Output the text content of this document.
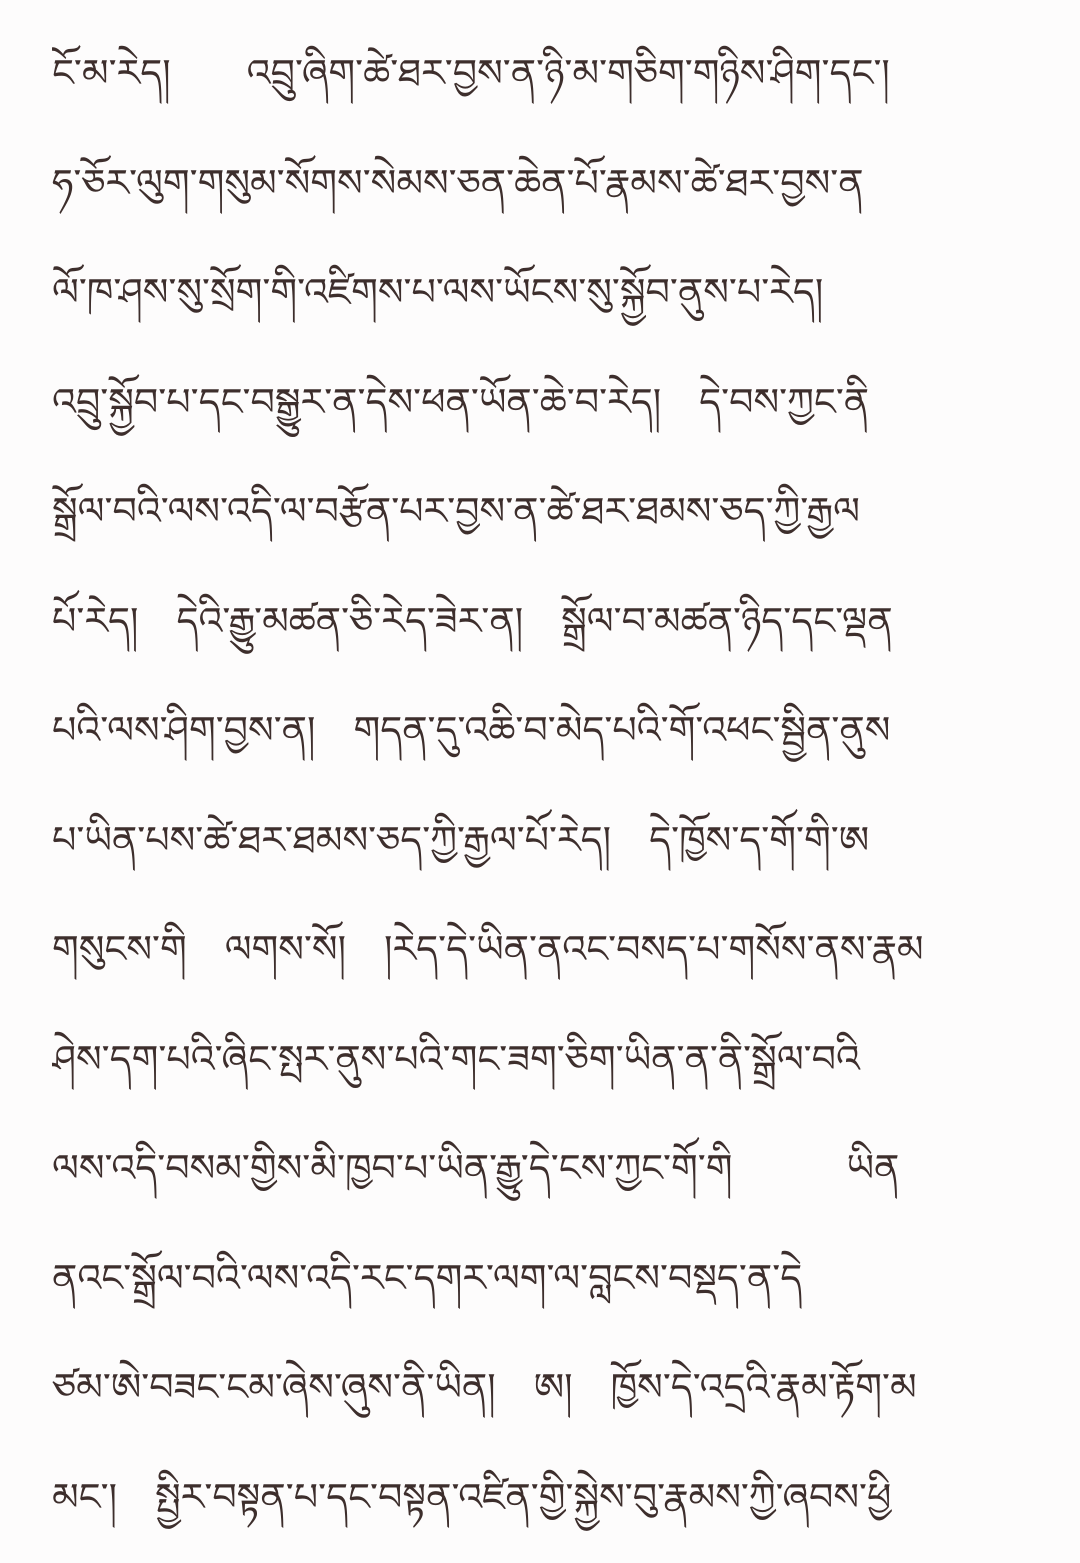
ངོ་མ་རེད།　　འབྲུ་ཞིག་ཚེ་ཐར་བྱས་ན་ཉི་མ་གཅིག་གཉིས་ཤིག་དང་།
ཧ་ཅོར་ལུག་གསུམ་སོགས་སེམས་ཅན་ཆེན་པོ་རྣམས་ཚེ་ཐར་བྱས་ན
ལོ་ཁ་ཤས་སུ་སྲོག་གི་འཛིགས་པ་ལས་ཡོངས་སུ་སྐྱོབ་ནུས་པ་རེད།
འབྲུ་སྐྱོབ་པ་དང་བསྒྱུར་ན་དེས་ཕན་ཡོན་ཆེ་བ་རེད།　དེ་བས་ཀྱང་ནི
སྒྲོལ་བའི་ལས་འདི་ལ་བརྩོན་པར་བྱས་ན་ཚེ་ཐར་ཐམས་ཅད་ཀྱི་རྒྱལ
པོ་རེད།　དེའི་རྒྱུ་མཚན་ཅི་རེད་ཟེར་ན།　སྒྲོལ་བ་མཚན་ཉིད་དང་ལྡན
པའི་ལས་ཤིག་བྱས་ན།　གདན་དུ་འཆི་བ་མེད་པའི་གོ་འཕང་སྦྱིན་ནུས
པ་ཡིན་པས་ཚེ་ཐར་ཐམས་ཅད་ཀྱི་རྒྱལ་པོ་རེད།　དེ་ཁྱོས་ད་གོ་གི་ཨ
གསུངས་གི　ལགས་སོ།　།རེད་དེ་ཡིན་ནའང་བསད་པ་གསོས་ནས་རྣམ
ཤེས་དག་པའི་ཞིང་སྤར་ནུས་པའི་གང་ཟག་ཅིག་ཡིན་ན་ནི་སྒྲོལ་བའི
ལས་འདི་བསམ་གྱིས་མི་ཁྱབ་པ་ཡིན་རྒྱུ་དེ་ངས་ཀྱང་གོ་གི　　　ཡིན
ནའང་སྒྲོལ་བའི་ལས་འདི་རང་དགར་ལག་ལ་བླངས་བསྡད་ན་དེ
ཙམ་ཨེ་བཟང་ངམ་ཞེས་ཞུས་ནི་ཡིན།　ཨ།　ཁྱོས་དེ་འདྲའི་རྣམ་རྟོག་མ
མང་།　སྤྱིར་བསྟན་པ་དང་བསྟན་འཛིན་གྱི་སྐྱེས་བུ་རྣམས་ཀྱི་ཞབས་ཕྱི
